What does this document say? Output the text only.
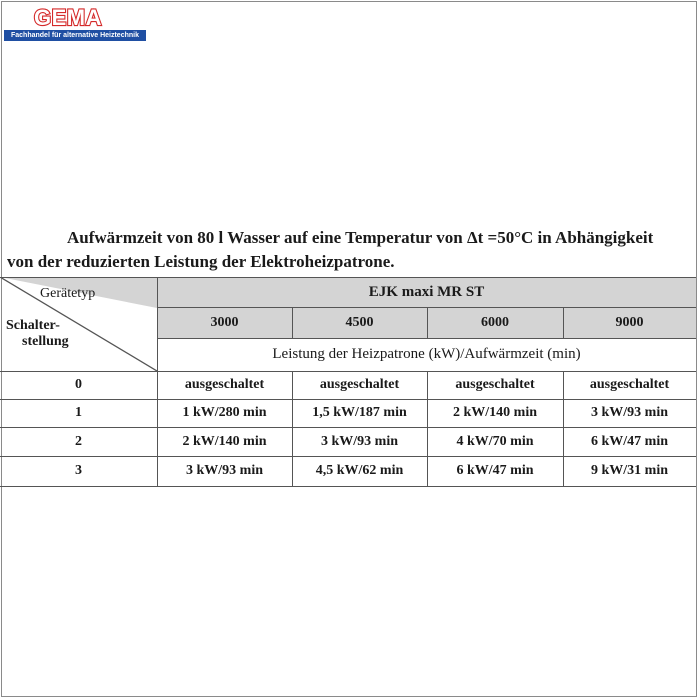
GEMA
Fachhandel für alternative Heiztechnik
Aufwärmzeit von 80 l Wasser auf eine Temperatur von Δt =50°C in Abhängigkeit
von der reduzierten Leistung der Elektroheizpatrone.
Gerätetyp
Schalter-
stellung
EJK maxi MR ST
3000	4500	6000	9000
Leistung der Heizpatrone (kW)/Aufwärmzeit (min)
0	ausgeschaltet	ausgeschaltet	ausgeschaltet	ausgeschaltet
1	1 kW/280 min	1,5 kW/187 min	2 kW/140 min	3 kW/93 min
2	2 kW/140 min	3 kW/93 min	4 kW/70 min	6 kW/47 min
3	3 kW/93 min	4,5 kW/62 min	6 kW/47 min	9 kW/31 min
